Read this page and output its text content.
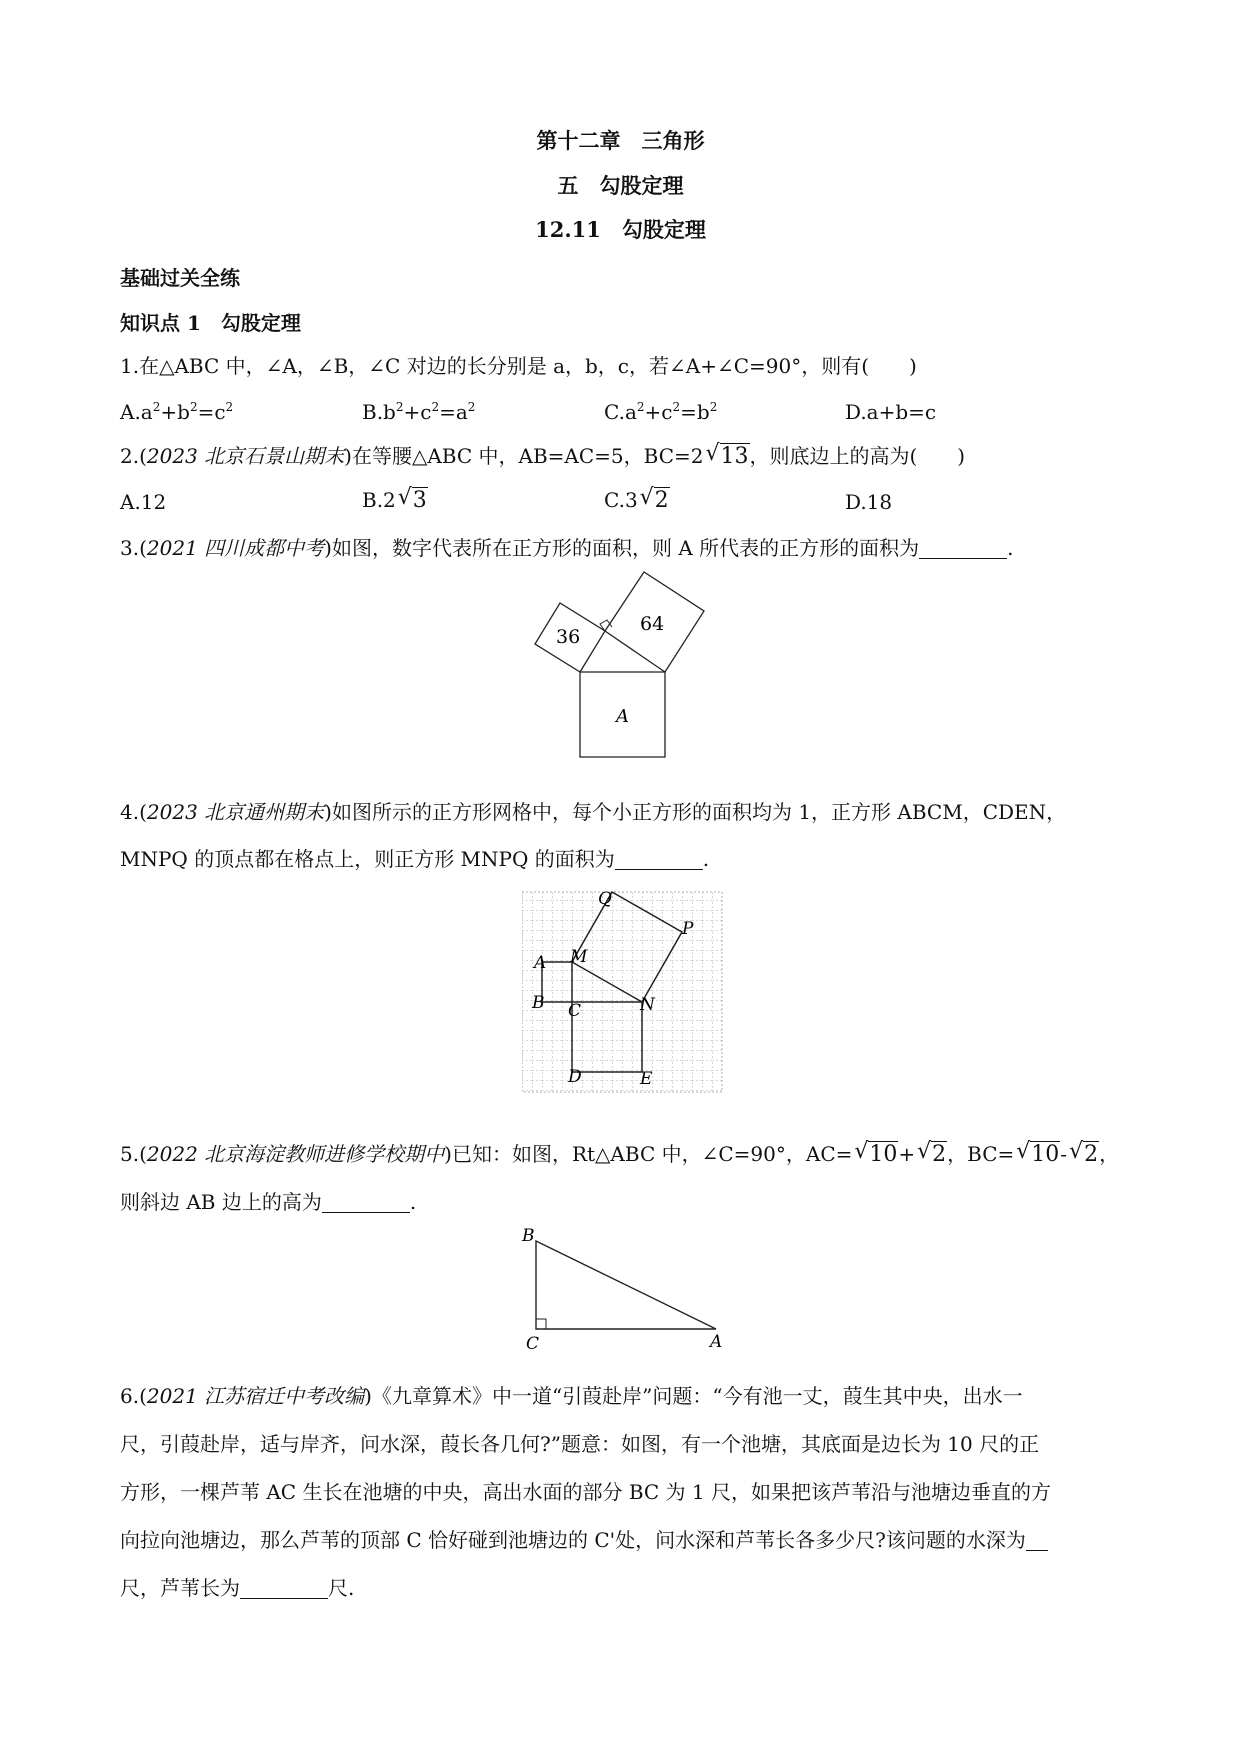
第十二章　三角形
五　勾股定理
12.11　勾股定理
基础过关全练
知识点 1　勾股定理
1.在△ABC 中，∠A，∠B，∠C 对边的长分别是 a，b，c，若∠A+∠C=90°，则有(　　)
$A.a^2+b^2=c^2$	$B.b^2+c^2=a^2$	$C.a^2+c^2=b^2$	D.a+b=c
2.(2023 北京石景山期末)在等腰△ABC 中，AB=AC=5，BC=2 √ 13，则底边上的高为(　　)
A.12	B.2 √ 3	C.3 √ 2	D.18
3.(2021 四川成都中考)如图，数字代表所在正方形的面积，则 A 所代表的正方形的面积为	.
36
64
A
4.(2023 北京通州期末)如图所示的正方形网格中，每个小正方形的面积均为 1，正方形 ABCM，CDEN，
MNPQ 的顶点都在格点上，则正方形 MNPQ 的面积为	.
Q
P
M
A
B C	N
D	E
5.(2022 北京海淀教师进修学校期中)已知：如图，Rt△ABC 中，∠C=90°，AC= √ 10+ √ 2，BC= √ 10- √ 2，
则斜边 AB 边上的高为	.
B
C	A
6.(2021 江苏宿迁中考改编)《九章算术》中一道“引葭赴岸”问题：“今有池一丈，葭生其中央，出水一
尺，引葭赴岸，适与岸齐，问水深，葭长各几何?”题意：如图，有一个池塘，其底面是边长为 10 尺的正
方形，一棵芦苇 AC 生长在池塘的中央，高出水面的部分 BC 为 1 尺，如果把该芦苇沿与池塘边垂直的方
向拉向池塘边，那么芦苇的顶部 C 恰好碰到池塘边的 C'处，问水深和芦苇长各多少尺?该问题的水深为
尺，芦苇长为	尺.
